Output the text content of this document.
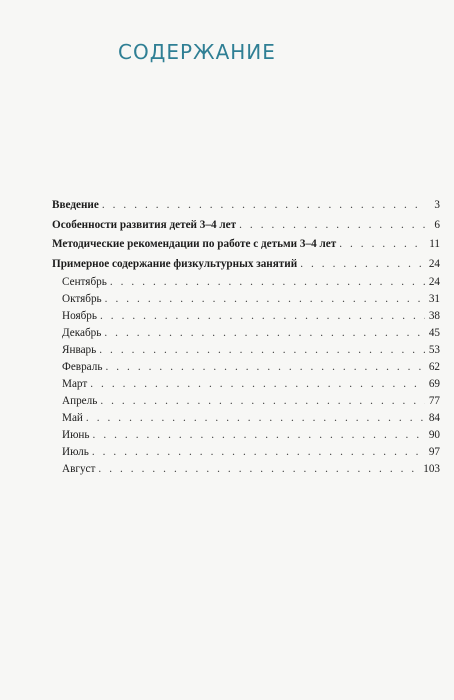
СОДЕРЖАНИЕ
Введение . . .	3
Особенности развития детей 3–4 лет . . .	6
Методические рекомендации по работе с детьми 3–4 лет . . .	11
Примерное содержание физкультурных занятий . . .	24
Сентябрь . . .	24
Октябрь . . .	31
Ноябрь . . .	38
Декабрь . . .	45
Январь . . .	53
Февраль . . .	62
Март . . .	69
Апрель . . .	77
Май . . .	84
Июнь . . .	90
Июль . . .	97
Август . . .	103
